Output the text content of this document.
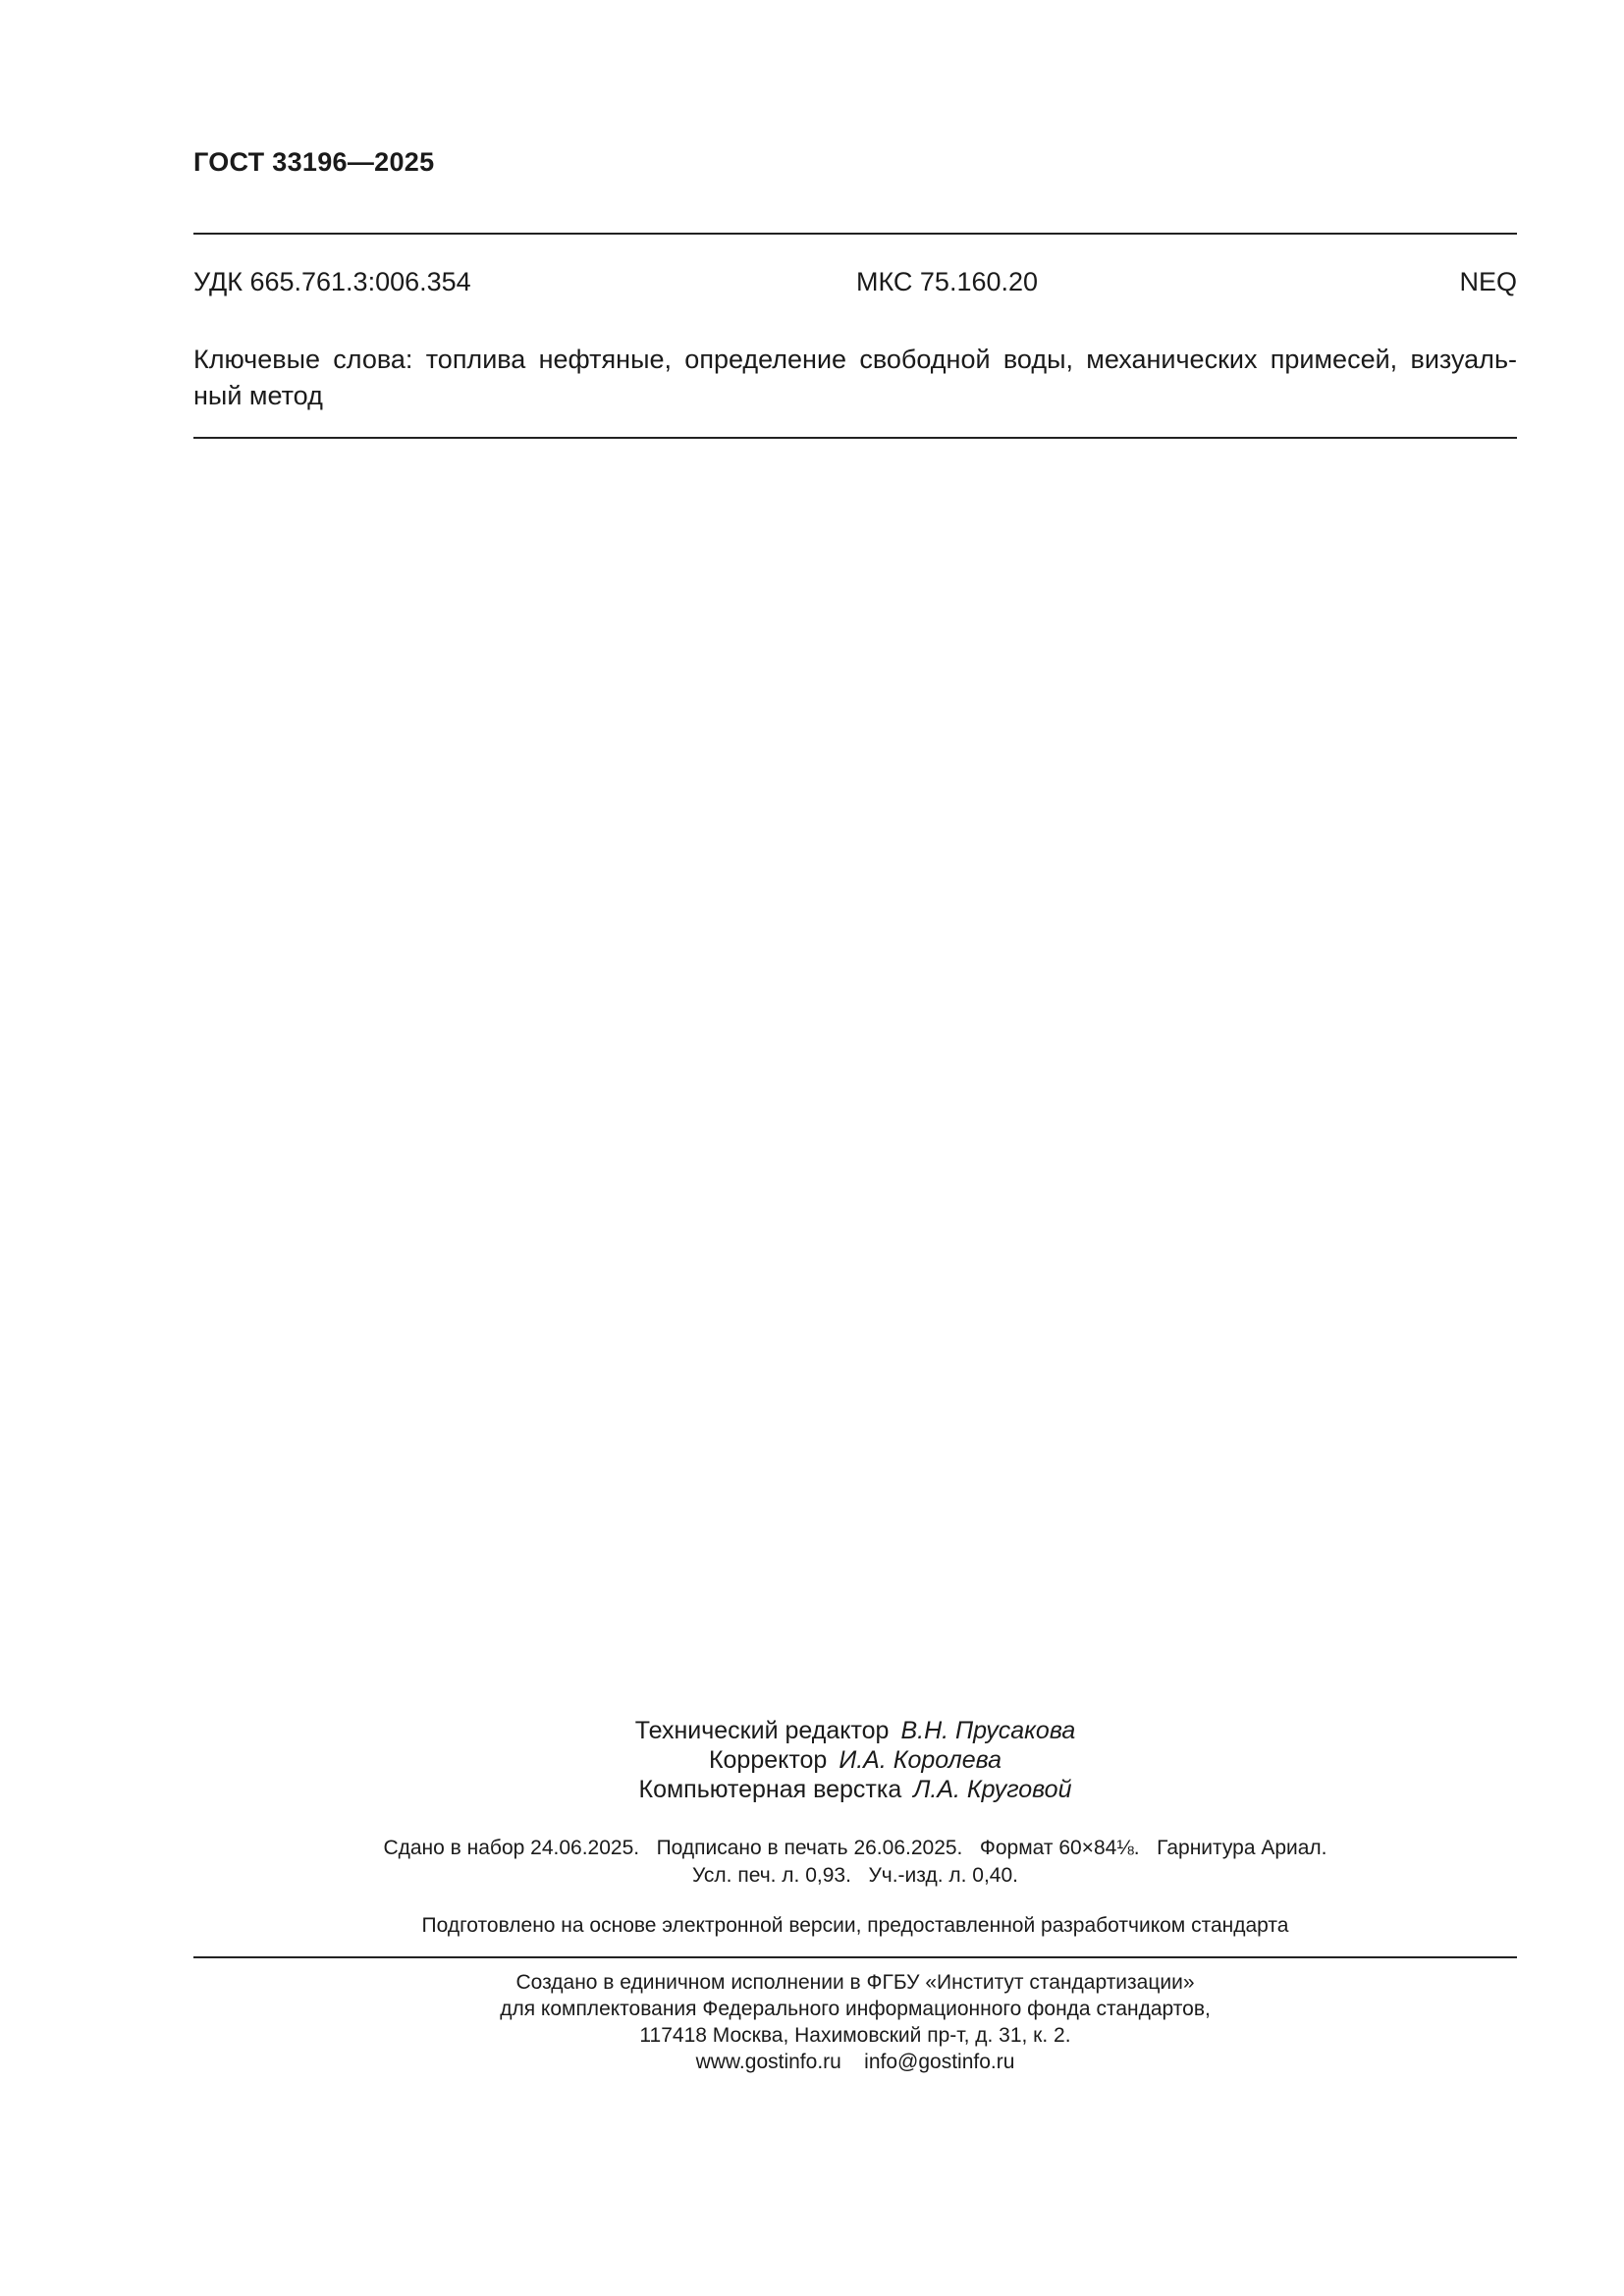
ГОСТ 33196—2025
УДК 665.761.3:006.354	МКС 75.160.20	NEQ
Ключевые слова: топлива нефтяные, определение свободной воды, механических примесей, визуаль-
ный метод
Технический редактор В.Н. Прусакова
Корректор И.А. Королева
Компьютерная верстка Л.А. Круговой
Сдано в набор 24.06.2025.   Подписано в печать 26.06.2025.   Формат 60×84⅛.   Гарнитура Ариал.
Усл. печ. л. 0,93.   Уч.-изд. л. 0,40.
Подготовлено на основе электронной версии, предоставленной разработчиком стандарта
Создано в единичном исполнении в ФГБУ «Институт стандартизации»
для комплектования Федерального информационного фонда стандартов,
117418 Москва, Нахимовский пр-т, д. 31, к. 2.
www.gostinfo.ru    info@gostinfo.ru
